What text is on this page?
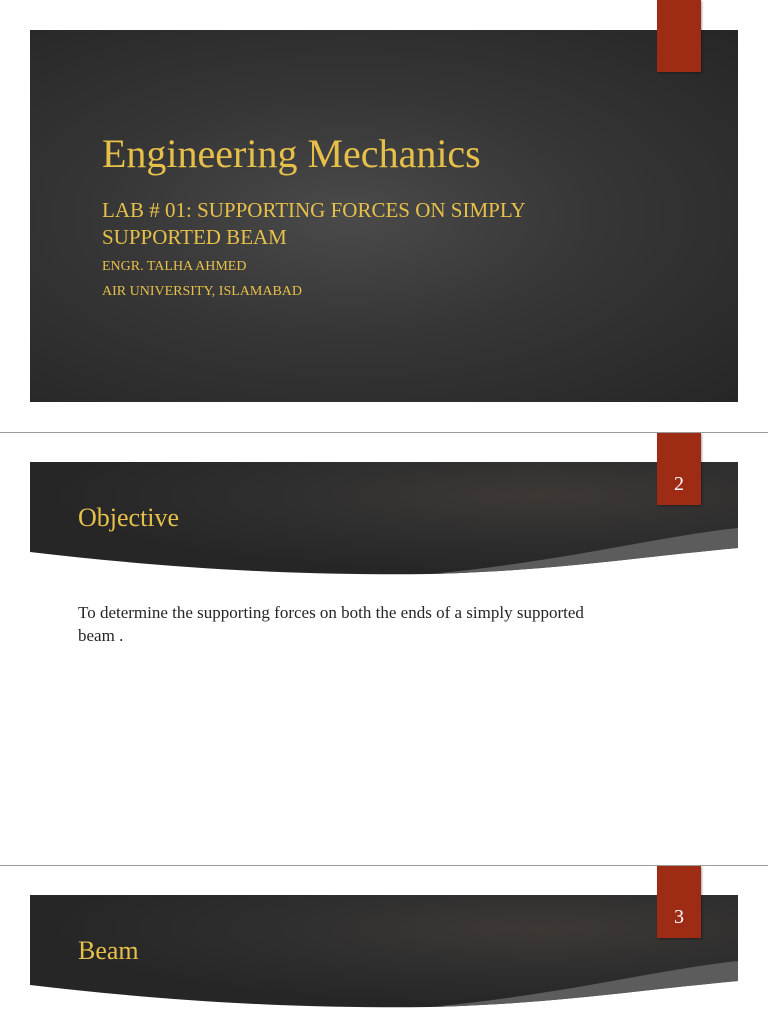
Engineering Mechanics

LAB # 01: SUPPORTING FORCES ON SIMPLY SUPPORTED BEAM

ENGR. TALHA AHMED

AIR UNIVERSITY, ISLAMABAD

2
Objective

To determine the supporting forces on both the ends of a simply supported beam .

3
Beam
